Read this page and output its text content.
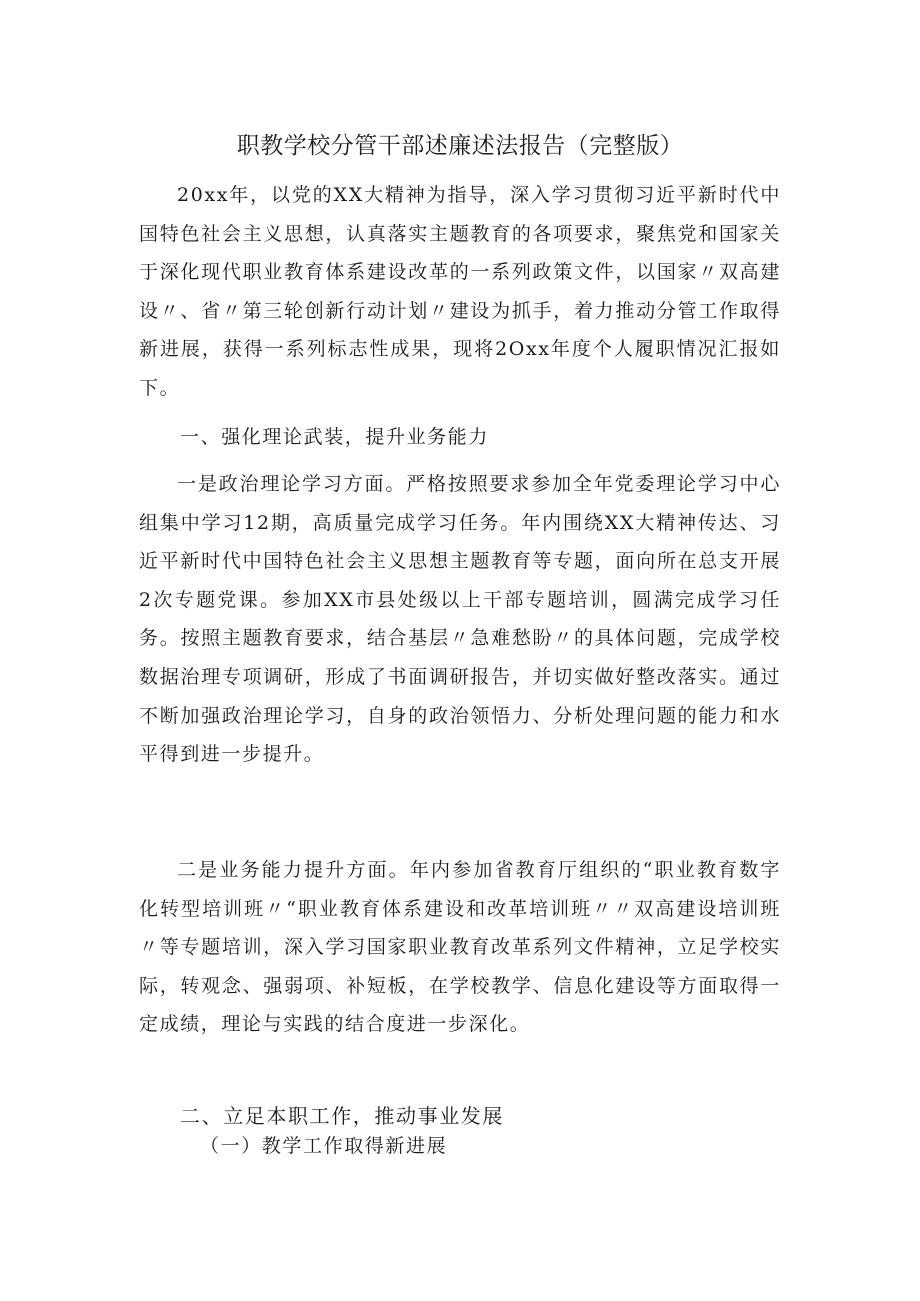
职教学校分管干部述廉述法报告（完整版）

20xx年，以党的XX大精神为指导，深入学习贯彻习近平新时代中国特色社会主义思想，认真落实主题教育的各项要求，聚焦党和国家关于深化现代职业教育体系建设改革的一系列政策文件，以国家〃双高建设〃、省〃第三轮创新行动计划〃建设为抓手，着力推动分管工作取得新进展，获得一系列标志性成果，现将2Oxx年度个人履职情况汇报如下。

一、强化理论武装，提升业务能力

一是政治理论学习方面。严格按照要求参加全年党委理论学习中心组集中学习12期，高质量完成学习任务。年内围绕XX大精神传达、习近平新时代中国特色社会主义思想主题教育等专题，面向所在总支开展2次专题党课。参加XX市县处级以上干部专题培训，圆满完成学习任务。按照主题教育要求，结合基层〃急难愁盼〃的具体问题，完成学校数据治理专项调研，形成了书面调研报告，并切实做好整改落实。通过不断加强政治理论学习，自身的政治领悟力、分析处理问题的能力和水平得到进一步提升。

二是业务能力提升方面。年内参加省教育厅组织的“职业教育数字化转型培训班〃“职业教育体系建设和改革培训班〃〃双高建设培训班〃等专题培训，深入学习国家职业教育改革系列文件精神，立足学校实际，转观念、强弱项、补短板，在学校教学、信息化建设等方面取得一定成绩，理论与实践的结合度进一步深化。

二、立足本职工作，推动事业发展

（一）教学工作取得新进展
